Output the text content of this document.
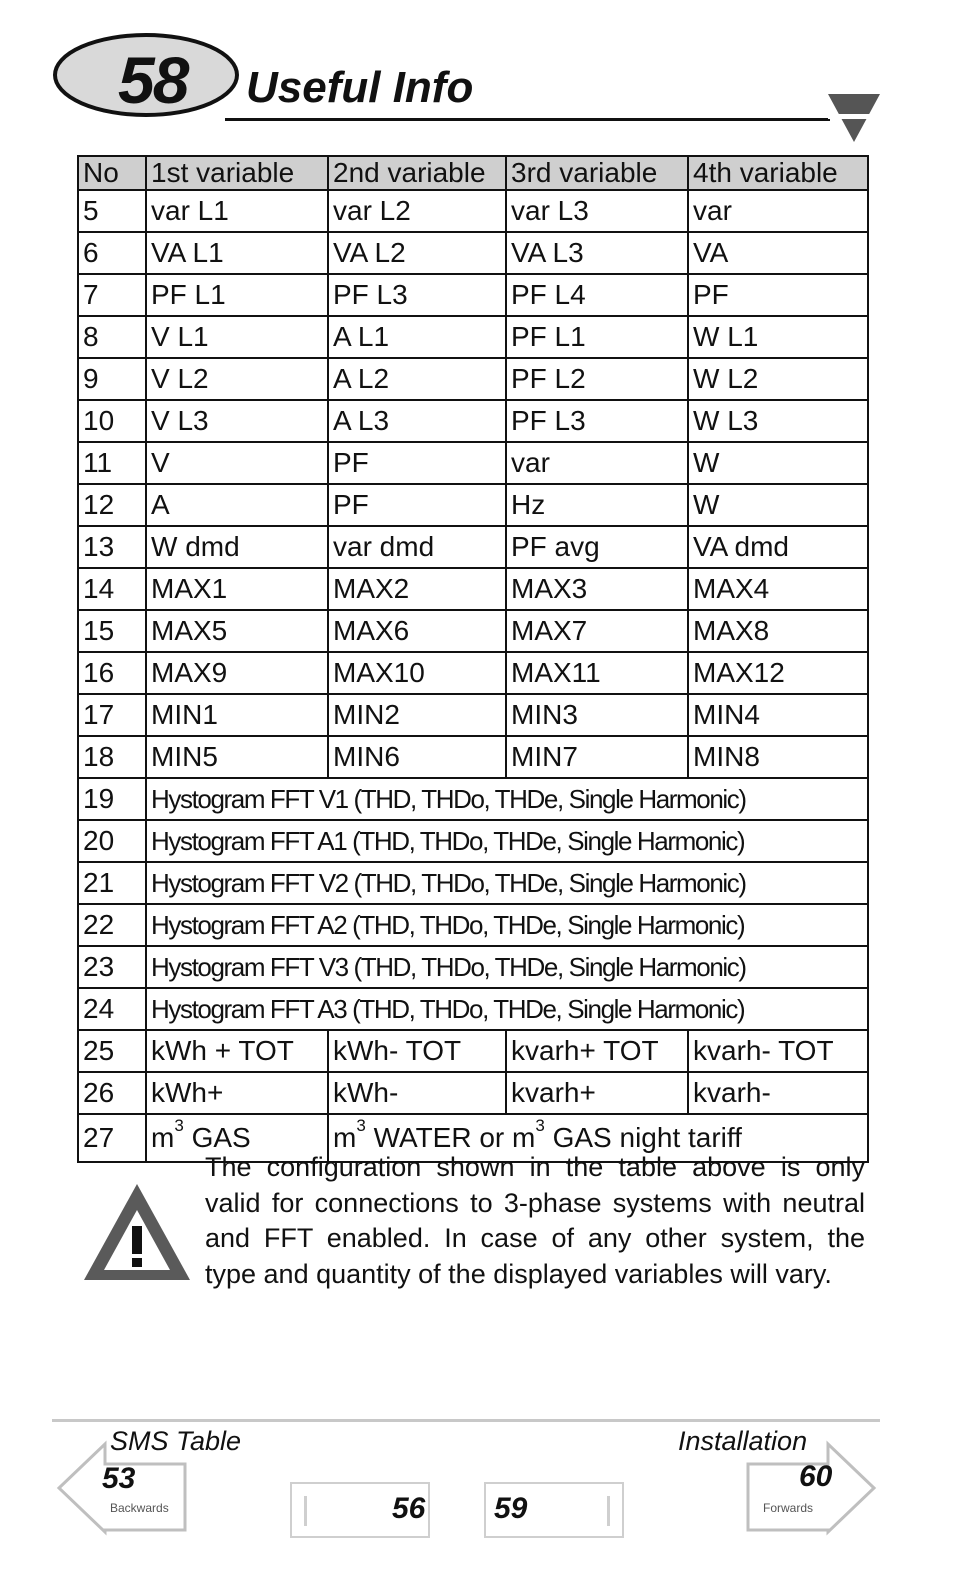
58	Useful Info
No	1st variable	2nd variable	3rd variable	4th variable
5	var L1	var L2	var L3	var
6	VA L1	VA L2	VA L3	VA
7	PF L1	PF L3	PF L4	PF
8	V L1	A L1	PF L1	W L1
9	V L2	A L2	PF L2	W L2
10	V L3	A L3	PF L3	W L3
11	V	PF	var	W
12	A	PF	Hz	W
13	W dmd	var dmd	PF avg	VA dmd
14	MAX1	MAX2	MAX3	MAX4
15	MAX5	MAX6	MAX7	MAX8
16	MAX9	MAX10	MAX11	MAX12
17	MIN1	MIN2	MIN3	MIN4
18	MIN5	MIN6	MIN7	MIN8
19	Hystogram FFT V1 (THD, THDo, THDe, Single Harmonic)			
20	Hystogram FFT A1 (THD, THDo, THDe, Single Harmonic)			
21	Hystogram FFT V2 (THD, THDo, THDe, Single Harmonic)			
22	Hystogram FFT A2 (THD, THDo, THDe, Single Harmonic)			
23	Hystogram FFT V3 (THD, THDo, THDe, Single Harmonic)			
24	Hystogram FFT A3 (THD, THDo, THDe, Single Harmonic)			
25	kWh + TOT	kWh- TOT	kvarh+ TOT	kvarh- TOT
26	kWh+	kWh-	kvarh+	kvarh-
27	$m^3$ GAS	$m^3$ WATER or $m^3$ GAS night tariff		
The configuration shown in the table above is only valid for connections to 3-phase systems with neutral and FFT enabled. In case of any other system, the type and quantity of the displayed variables will vary.
SMS Table	Installation
53
Backwards
60
Forwards
56 59
